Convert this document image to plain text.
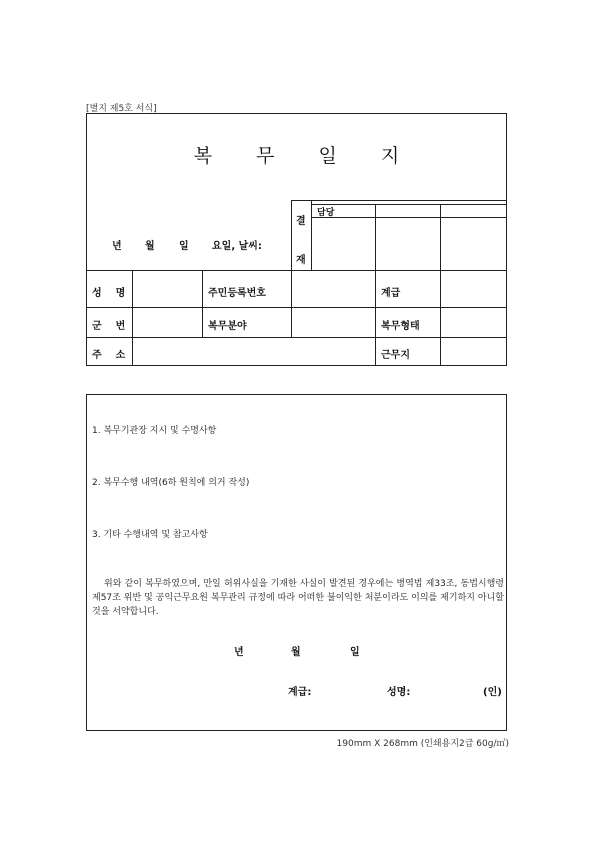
[별지 제5호 서식]
복무일지
년 월 일 요일, 날씨:
결
재
담당
성    명	주민등록번호	계급
군    번	복무분야	복무형태
주    소	근무지
1. 복무기관장 지시 및 수명사항
2. 복무수행 내역(6하 원칙에 의거 작성)
3. 기타 수행내역 및 참고사항
위와 같이 복무하였으며, 만일 허위사실을 기재한 사실이 발견된 경우에는 병역법 제33조, 동법시행령 제57조 위반 및 공익근무요원 복무관리 규정에 따라 어떠한 불이익한 처분이라도 이의를 제기하지 아니할 것을 서약합니다.
년	월	일
계급:	성명:	(인)
190mm X 268mm (인쇄용지2급 60g/㎡)
